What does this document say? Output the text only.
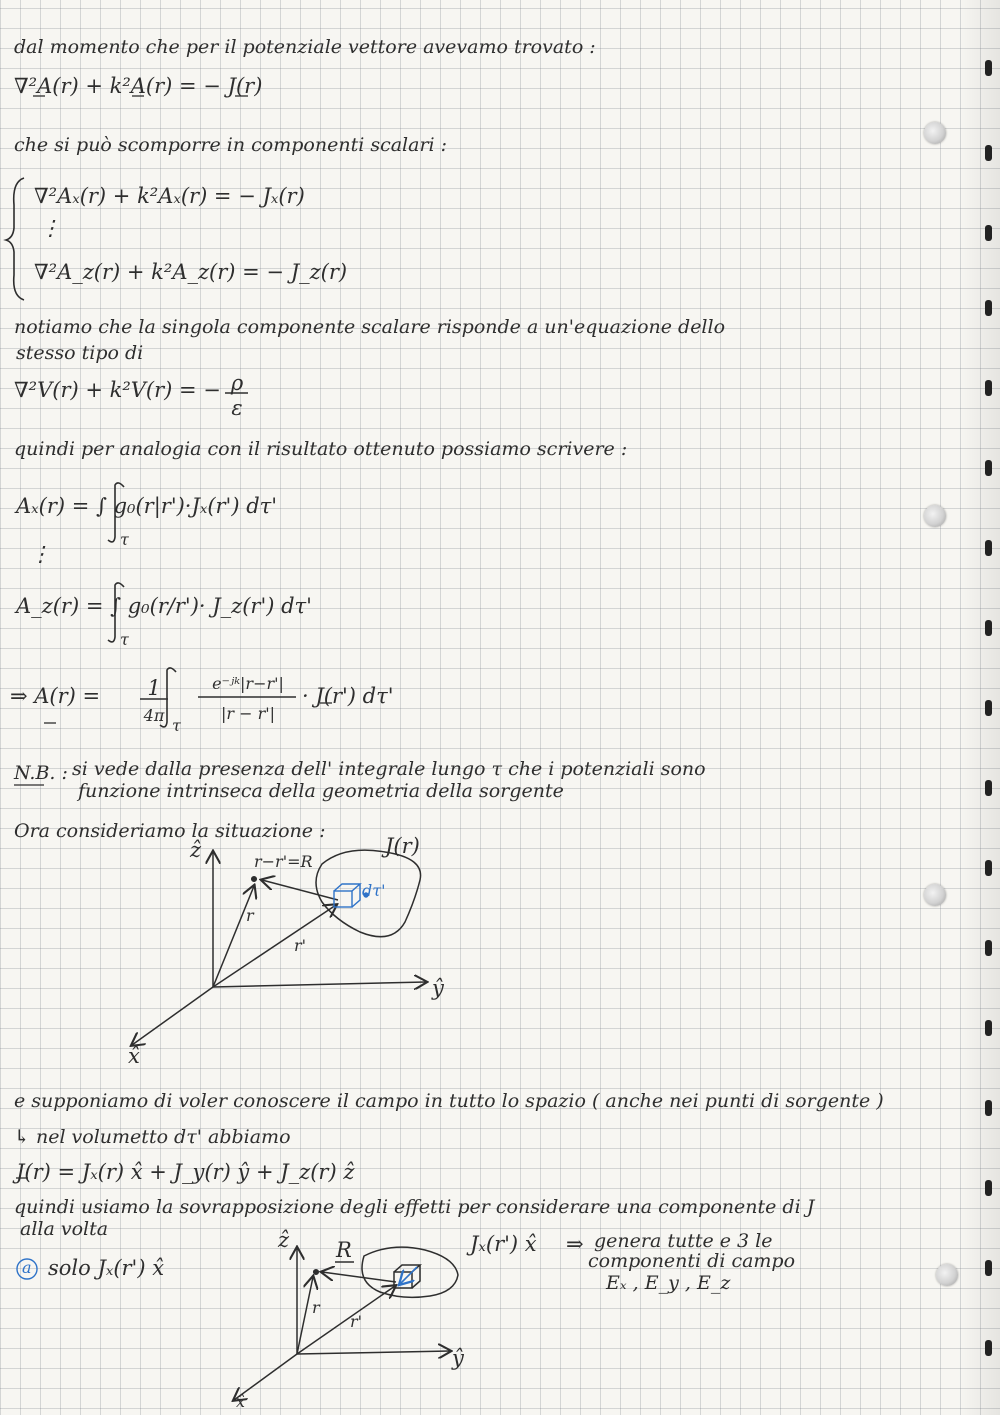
dal momento che per il potenziale vettore avevamo trovato :
∇²A(r) + k²A(r) = − J(r)
che si può scomporre in componenti scalari :
∇²Aₓ(r) + k²Aₓ(r) = − Jₓ(r)
⋮
∇²A_z(r) + k²A_z(r) = − J_z(r)
notiamo che la singola componente scalare risponde a un'equazione dello
stesso tipo di
∇²V(r) + k²V(r) = − ρ
ε
quindi per analogia con il risultato ottenuto possiamo scrivere :
Aₓ(r) = ∫ g₀(r|r')·Jₓ(r') dτ'
τ
⋮
A_z(r) = ∫ g₀(r/r')· J_z(r') dτ'
τ
⇒ A(r) =	1
4π
τ
e⁻ʲᵏ|r−r'|
|r − r'|
· J(r') dτ'
N.B. : si vede dalla presenza dell' integrale lungo τ che i potenziali sono
funzione intrinseca della geometria della sorgente
Ora consideriamo la situazione :
ẑ
ŷ
x̂
r−r'=R
J(r)
dτ'
r
r'
e supponiamo di voler conoscere il campo in tutto lo spazio ( anche nei punti di sorgente )
↳ nel volumetto dτ' abbiamo
J(r) = Jₓ(r) x̂ + J_y(r) ŷ + J_z(r) ẑ
quindi usiamo la sovrapposizione degli effetti per considerare una componente di J
alla volta
a solo Jₓ(r') x̂
Jₓ(r') x̂ ⇒ genera tutte e 3 le
componenti di campo
Eₓ , E_y , E_z
ẑ
ŷ
x̂
R
r
r'
